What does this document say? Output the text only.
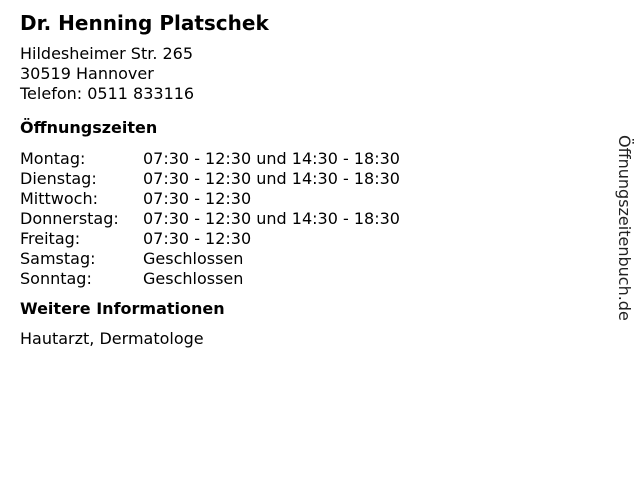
Dr. Henning Platschek
Hildesheimer Str. 265
30519 Hannover
Telefon: 0511 833116
Öffnungszeiten
Montag:	07:30 - 12:30 und 14:30 - 18:30
Dienstag:	07:30 - 12:30 und 14:30 - 18:30
Mittwoch:	07:30 - 12:30
Donnerstag:	07:30 - 12:30 und 14:30 - 18:30
Freitag:	07:30 - 12:30
Samstag:	Geschlossen
Sonntag:	Geschlossen
Weitere Informationen
Hautarzt, Dermatologe
Öffnungszeitenbuch.de
